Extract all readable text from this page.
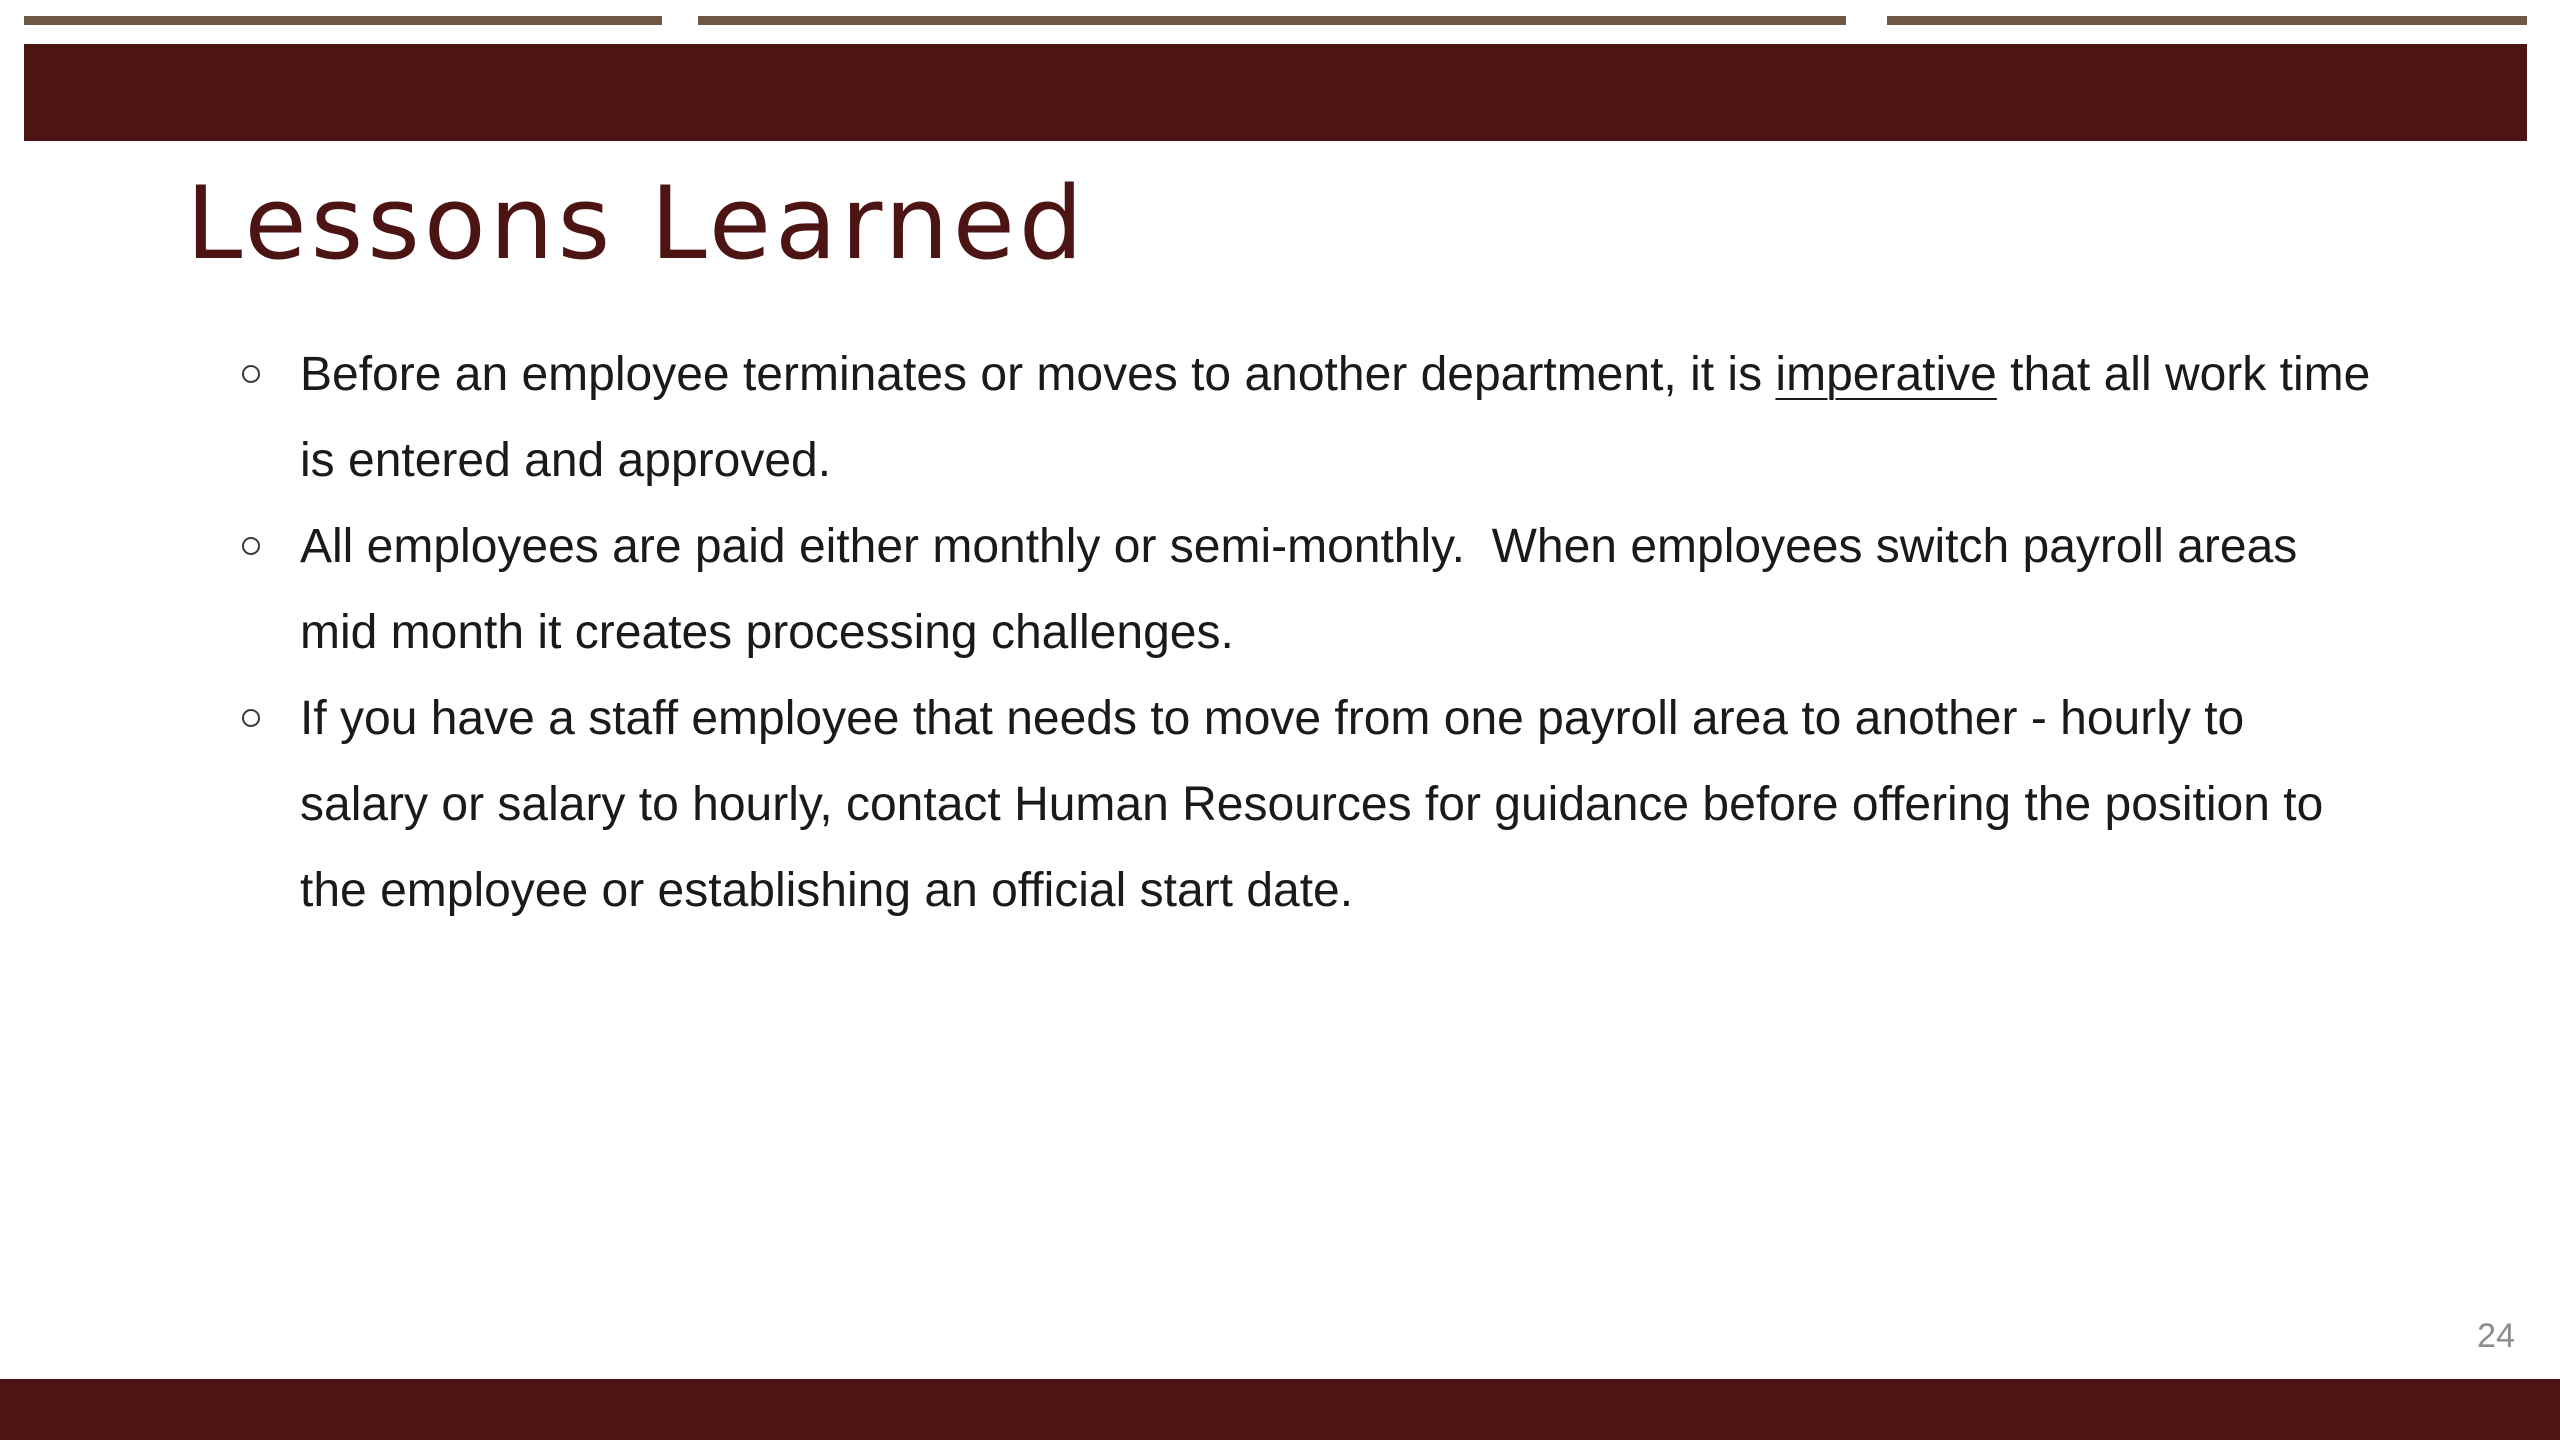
Lessons Learned
Before an employee terminates or moves to another department, it is imperative that all work time is entered and approved.
All employees are paid either monthly or semi-monthly.  When employees switch payroll areas mid month it creates processing challenges.
If you have a staff employee that needs to move from one payroll area to another - hourly to salary or salary to hourly, contact Human Resources for guidance before offering the position to the employee or establishing an official start date.
24
